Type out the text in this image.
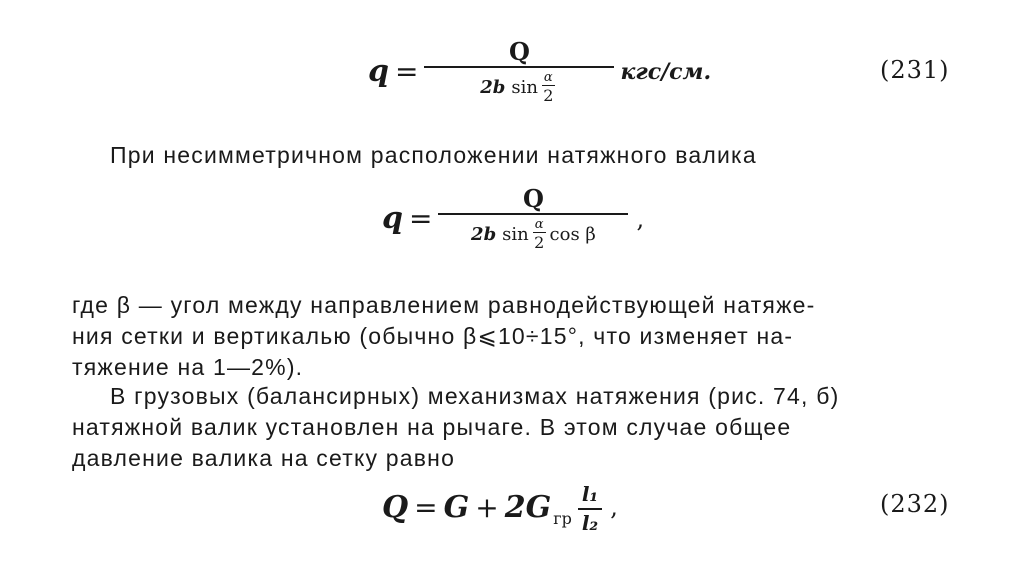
$q = \frac{Q}{2b \sin \frac{\alpha}{2}} кгс/см$.	(231)

При несимметричном расположении натяжного валика

q =
Q
2b $\sin \frac{\alpha}{2}$ cos β
,

где β — угол между направлением равнодействующей натяже-
ния сетки и вертикалью (обычно β⩽10÷15°, что изменяет на-
тяжение на 1—2%).

В грузовых (балансирных) механизмах натяжения (рис. 74, б)
натяжной валик установлен на рычаге. В этом случае общее
давление валика на сетку равно

Q = G + 2G гр $\frac{\text{l₁}}{\text{l₂}}$ ,	(232)
